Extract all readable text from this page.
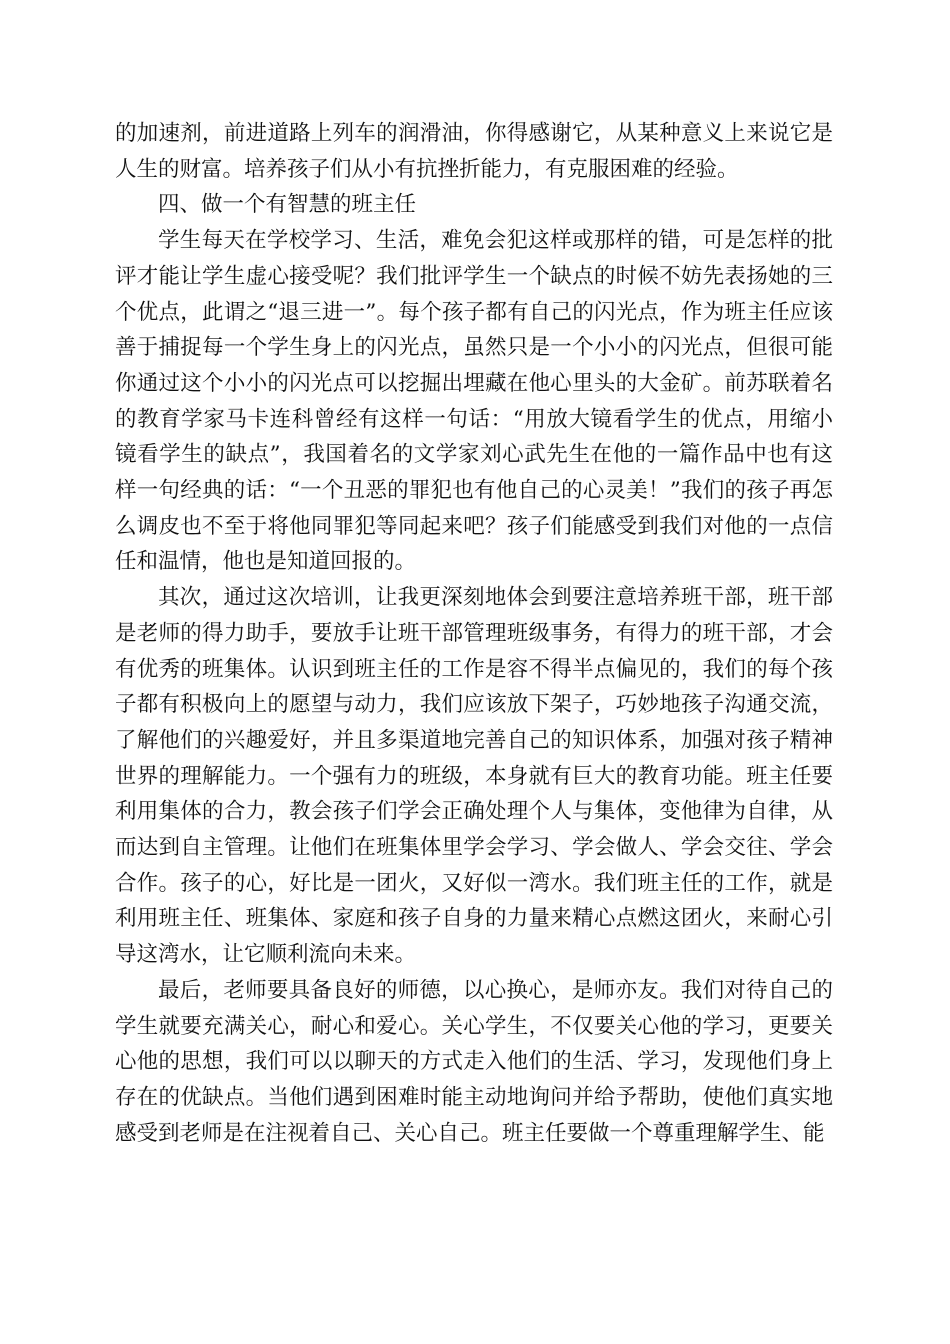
的加速剂，前进道路上列车的润滑油，你得感谢它，从某种意义上来说它是人生的财富。培养孩子们从小有抗挫折能力，有克服困难的经验。

四、做一个有智慧的班主任

学生每天在学校学习、生活，难免会犯这样或那样的错，可是怎样的批评才能让学生虚心接受呢？我们批评学生一个缺点的时候不妨先表扬她的三个优点，此谓之“退三进一”。每个孩子都有自己的闪光点，作为班主任应该善于捕捉每一个学生身上的闪光点，虽然只是一个小小的闪光点，但很可能你通过这个小小的闪光点可以挖掘出埋藏在他心里头的大金矿。前苏联着名的教育学家马卡连科曾经有这样一句话：“用放大镜看学生的优点，用缩小镜看学生的缺点”，我国着名的文学家刘心武先生在他的一篇作品中也有这样一句经典的话：“一个丑恶的罪犯也有他自己的心灵美！”我们的孩子再怎么调皮也不至于将他同罪犯等同起来吧？孩子们能感受到我们对他的一点信任和温情，他也是知道回报的。

其次，通过这次培训，让我更深刻地体会到要注意培养班干部，班干部是老师的得力助手，要放手让班干部管理班级事务，有得力的班干部，才会有优秀的班集体。认识到班主任的工作是容不得半点偏见的，我们的每个孩子都有积极向上的愿望与动力，我们应该放下架子，巧妙地孩子沟通交流，了解他们的兴趣爱好，并且多渠道地完善自己的知识体系，加强对孩子精神世界的理解能力。一个强有力的班级，本身就有巨大的教育功能。班主任要利用集体的合力，教会孩子们学会正确处理个人与集体，变他律为自律，从而达到自主管理。让他们在班集体里学会学习、学会做人、学会交往、学会合作。孩子的心，好比是一团火，又好似一湾水。我们班主任的工作，就是利用班主任、班集体、家庭和孩子自身的力量来精心点燃这团火，来耐心引导这湾水，让它顺利流向未来。

最后，老师要具备良好的师德，以心换心，是师亦友。我们对待自己的学生就要充满关心，耐心和爱心。关心学生，不仅要关心他的学习，更要关心他的思想，我们可以以聊天的方式走入他们的生活、学习，发现他们身上存在的优缺点。当他们遇到困难时能主动地询问并给予帮助，使他们真实地感受到老师是在注视着自己、关心自己。班主任要做一个尊重理解学生、能
